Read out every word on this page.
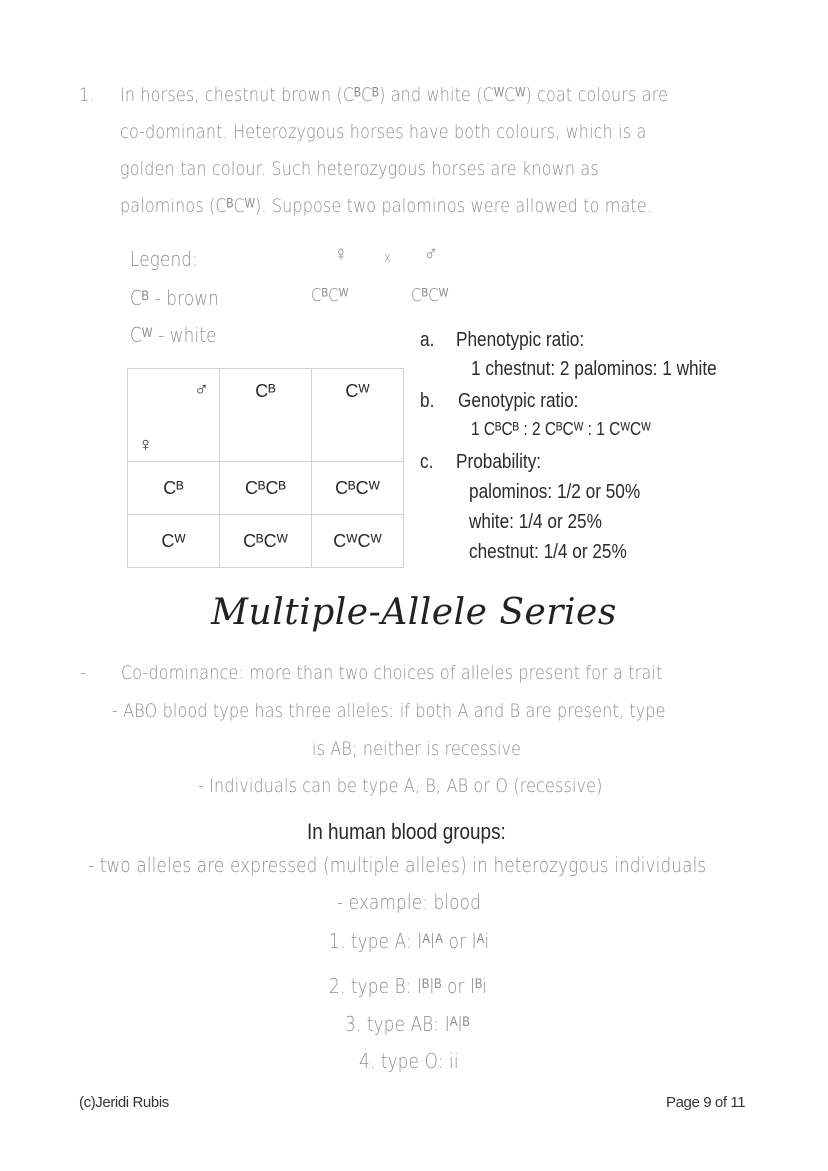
1. In horses, chestnut brown (CᴮCᴮ) and white (CᵂCᵂ) coat colours are
co-dominant. Heterozygous horses have both colours, which is a
golden tan colour. Such heterozygous horses are known as
palominos (CᴮCᵂ). Suppose two palominos were allowed to mate.
Legend:
Cᴮ - brown
Cᵂ - white
♀	x ♂
CᴮCᵂ	CᴮCᵂ
♂
♀	Cᴮ	Cᵂ
Cᴮ	CᴮCᴮ	CᴮCᵂ
Cᵂ	CᴮCᵂ	CᵂCᵂ
a. Phenotypic ratio:
1 chestnut: 2 palominos: 1 white
b. Genotypic ratio:
1 CᴮCᴮ : 2 CᴮCᵂ : 1 CᵂCᵂ
c. Probability:
palominos: 1/2 or 50%
white: 1/4 or 25%
chestnut: 1/4 or 25%
Multiple-Allele Series
- Co-dominance: more than two choices of alleles present for a trait
- ABO blood type has three alleles: if both A and B are present, type
is AB; neither is recessive
- Individuals can be type A, B, AB or O (recessive)
In human blood groups:
- two alleles are expressed (multiple alleles) in heterozygous individuals
- example: blood
1. type A: IᴬIᴬ or Iᴬi
2. type B: IᴮIᴮ or Iᴮi
3. type AB: IᴬIᴮ
4. type O: ii
(c)Jeridi Rubis	Page 9 of 11
